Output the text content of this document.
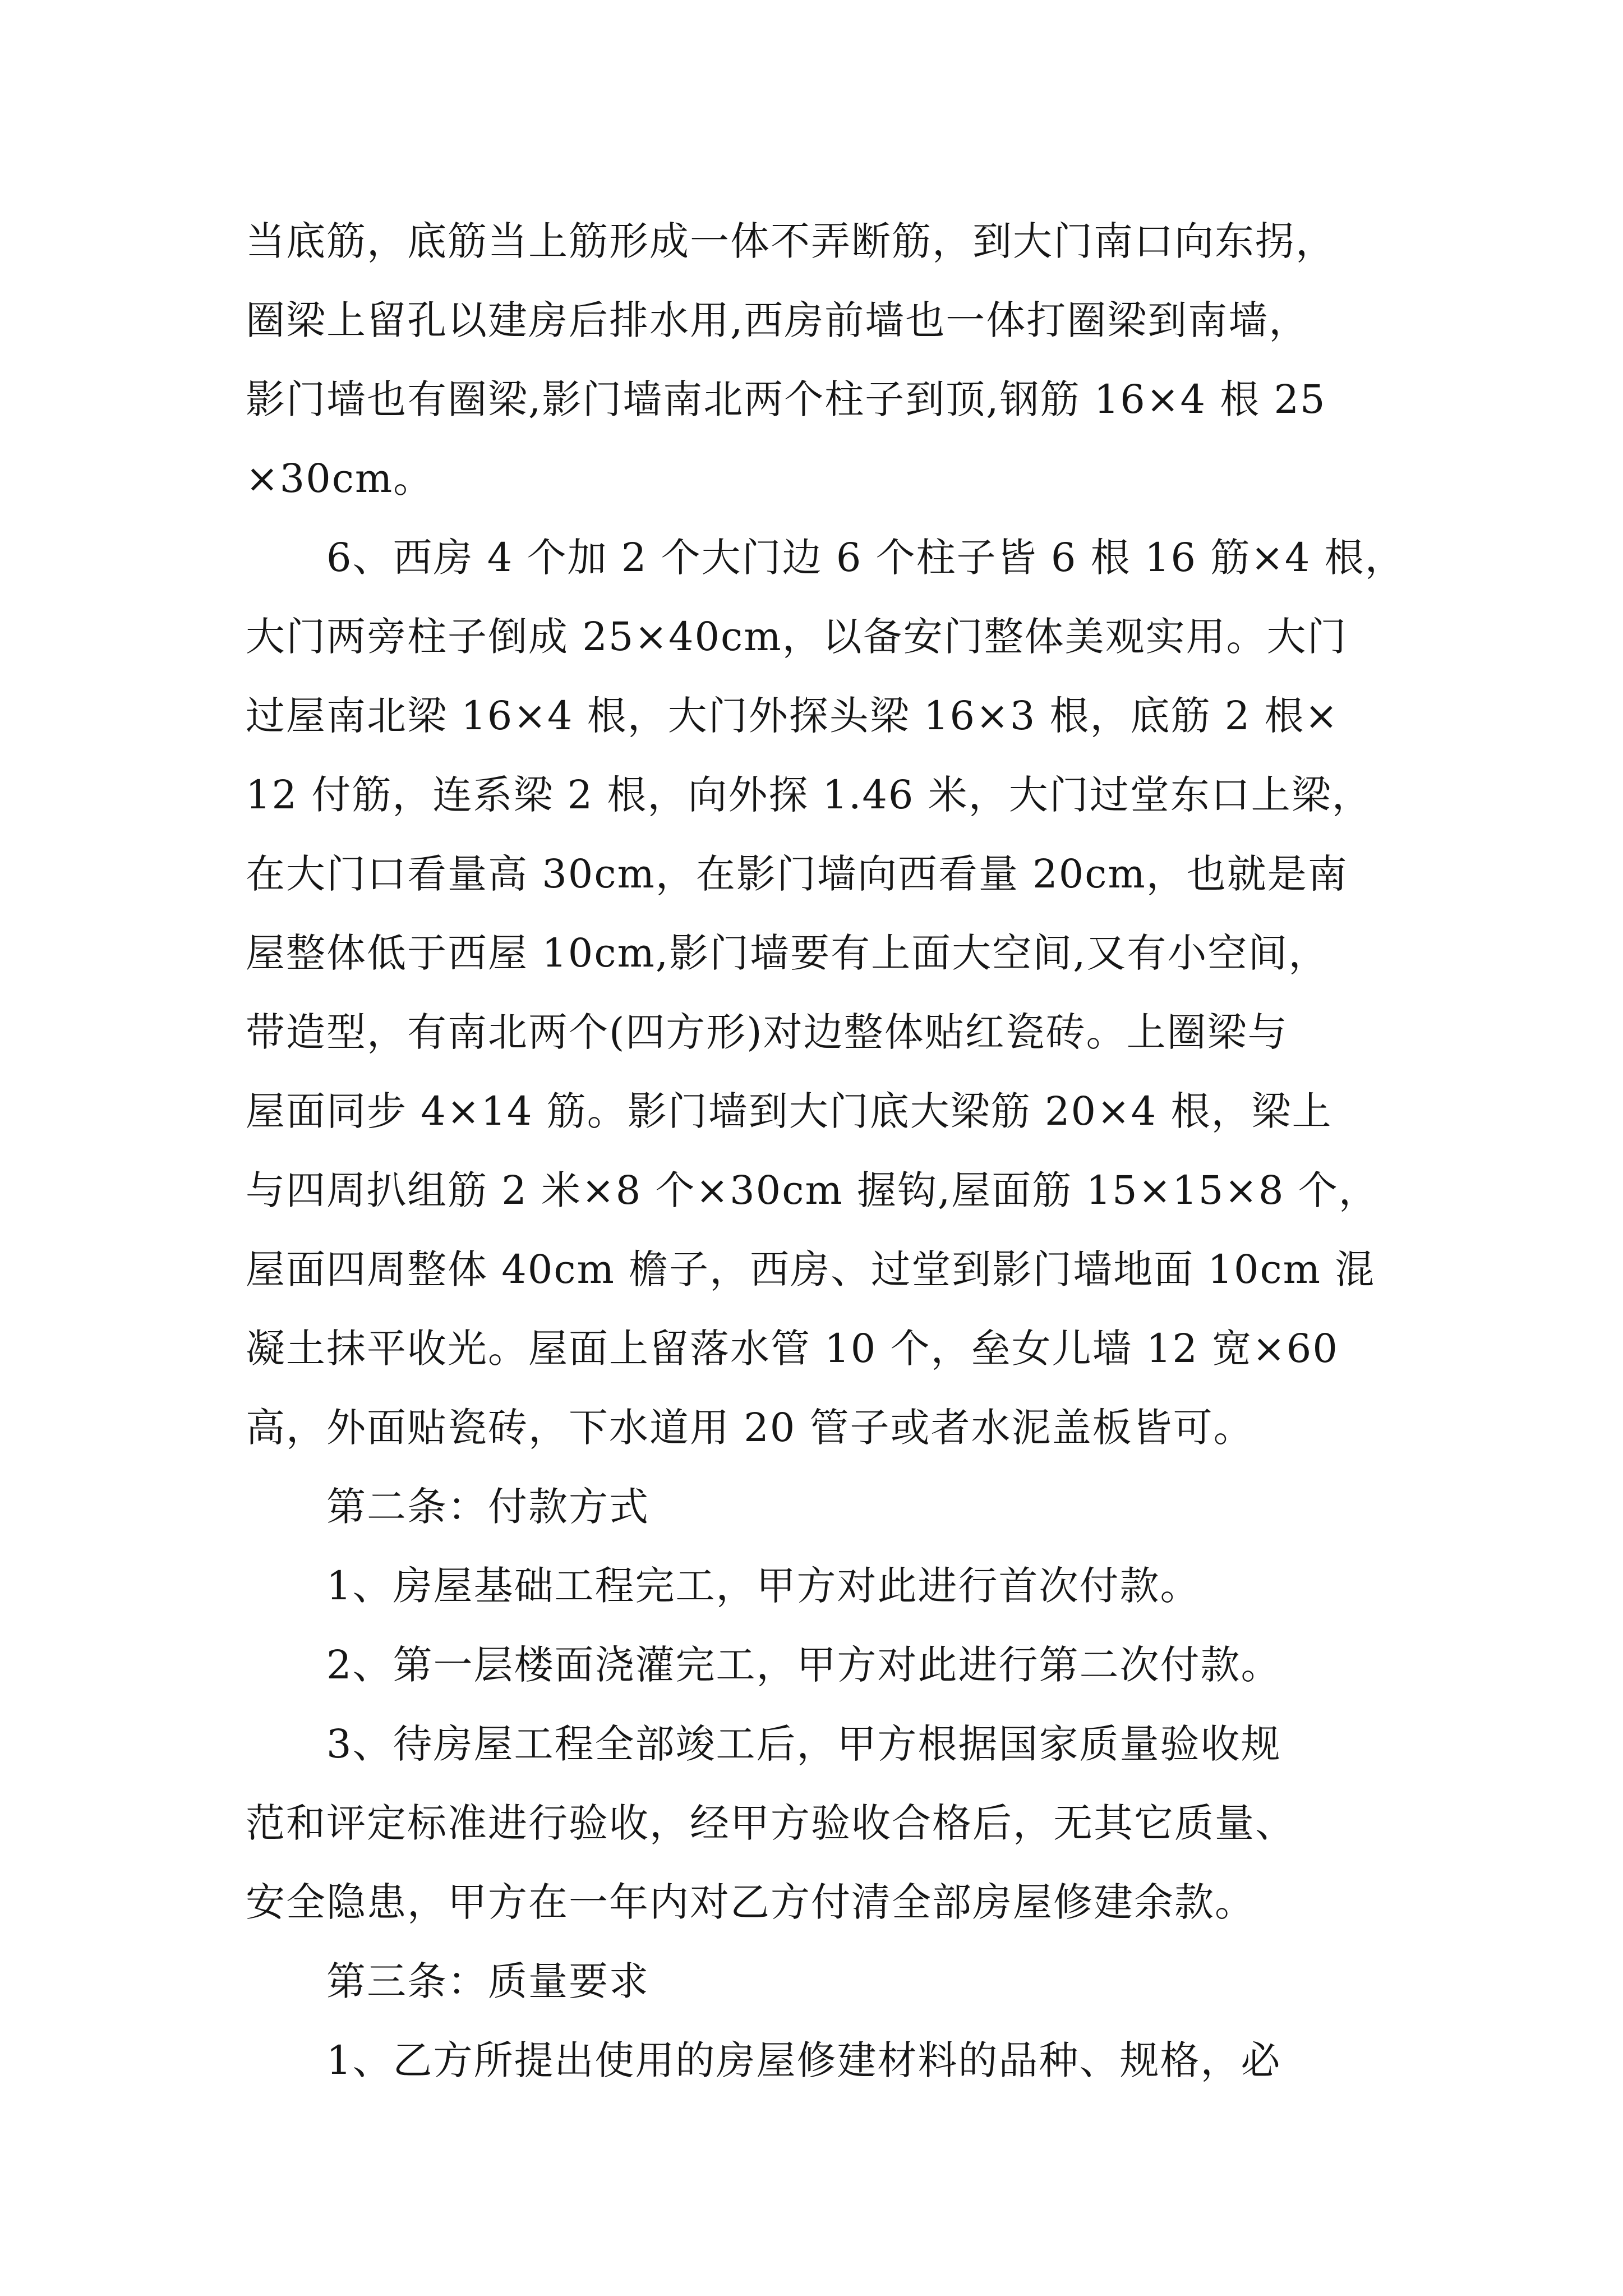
当底筋，底筋当上筋形成一体不弄断筋，到大门南口向东拐，
圈梁上留孔以建房后排水用,西房前墙也一体打圈梁到南墙，
影门墙也有圈梁,影门墙南北两个柱子到顶,钢筋 16×4 根 25
×30cm。
6、西房 4 个加 2 个大门边 6 个柱子皆 6 根 16 筋×4 根，
大门两旁柱子倒成 25×40cm，以备安门整体美观实用。大门
过屋南北梁 16×4 根，大门外探头梁 16×3 根，底筋 2 根×
12 付筋，连系梁 2 根，向外探 1.46 米，大门过堂东口上梁，
在大门口看量高 30cm，在影门墙向西看量 20cm，也就是南
屋整体低于西屋 10cm,影门墙要有上面大空间,又有小空间，
带造型，有南北两个(四方形)对边整体贴红瓷砖。上圈梁与
屋面同步 4×14 筋。影门墙到大门底大梁筋 20×4 根，梁上
与四周扒组筋 2 米×8 个×30cm 握钩,屋面筋 15×15×8 个，
屋面四周整体 40cm 檐子，西房、过堂到影门墙地面 10cm 混
凝土抹平收光。屋面上留落水管 10 个，垒女儿墙 12 宽×60
高，外面贴瓷砖，下水道用 20 管子或者水泥盖板皆可。
第二条：付款方式
1、房屋基础工程完工，甲方对此进行首次付款。
2、第一层楼面浇灌完工，甲方对此进行第二次付款。
3、待房屋工程全部竣工后，甲方根据国家质量验收规
范和评定标准进行验收，经甲方验收合格后，无其它质量、
安全隐患，甲方在一年内对乙方付清全部房屋修建余款。
第三条：质量要求
1、乙方所提出使用的房屋修建材料的品种、规格，必
